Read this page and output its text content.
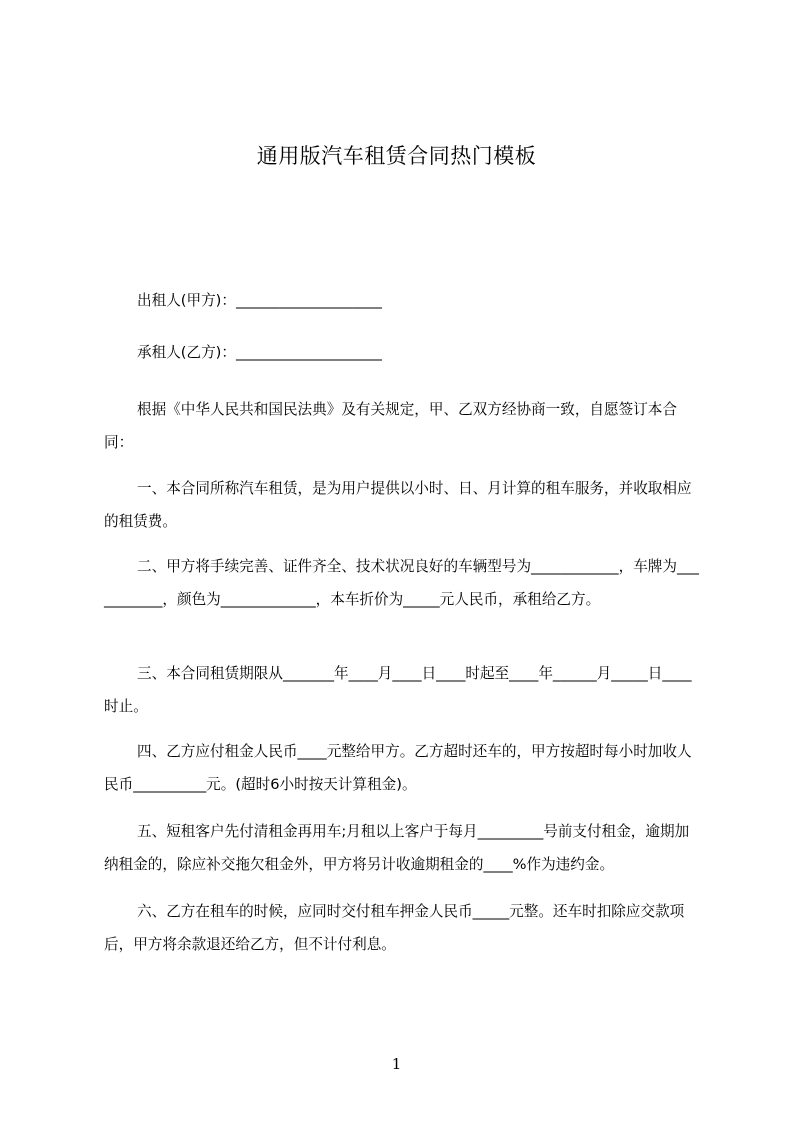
通用版汽车租赁合同热门模板
出租人(甲方)：____________________
承租人(乙方)：____________________

根据《中华人民共和国民法典》及有关规定，甲、乙双方经协商一致，自愿签订本合同：

一、本合同所称汽车租赁，是为用户提供以小时、日、月计算的租车服务，并收取相应的租赁费。

二、甲方将手续完善、证件齐全、技术状况良好的车辆型号为____________，车牌为___________，颜色为_____________，本车折价为_____元人民币，承租给乙方。

三、本合同租赁期限从_______年____月____日____时起至____年______月_____日____时止。

四、乙方应付租金人民币____元整给甲方。乙方超时还车的，甲方按超时每小时加收人民币__________元。(超时6小时按天计算租金)。

五、短租客户先付清租金再用车;月租以上客户于每月_________号前支付租金，逾期加纳租金的，除应补交拖欠租金外，甲方将另计收逾期租金的____%作为违约金。

六、乙方在租车的时候，应同时交付租车押金人民币_____元整。还车时扣除应交款项后，甲方将余款退还给乙方，但不计付利息。

1
